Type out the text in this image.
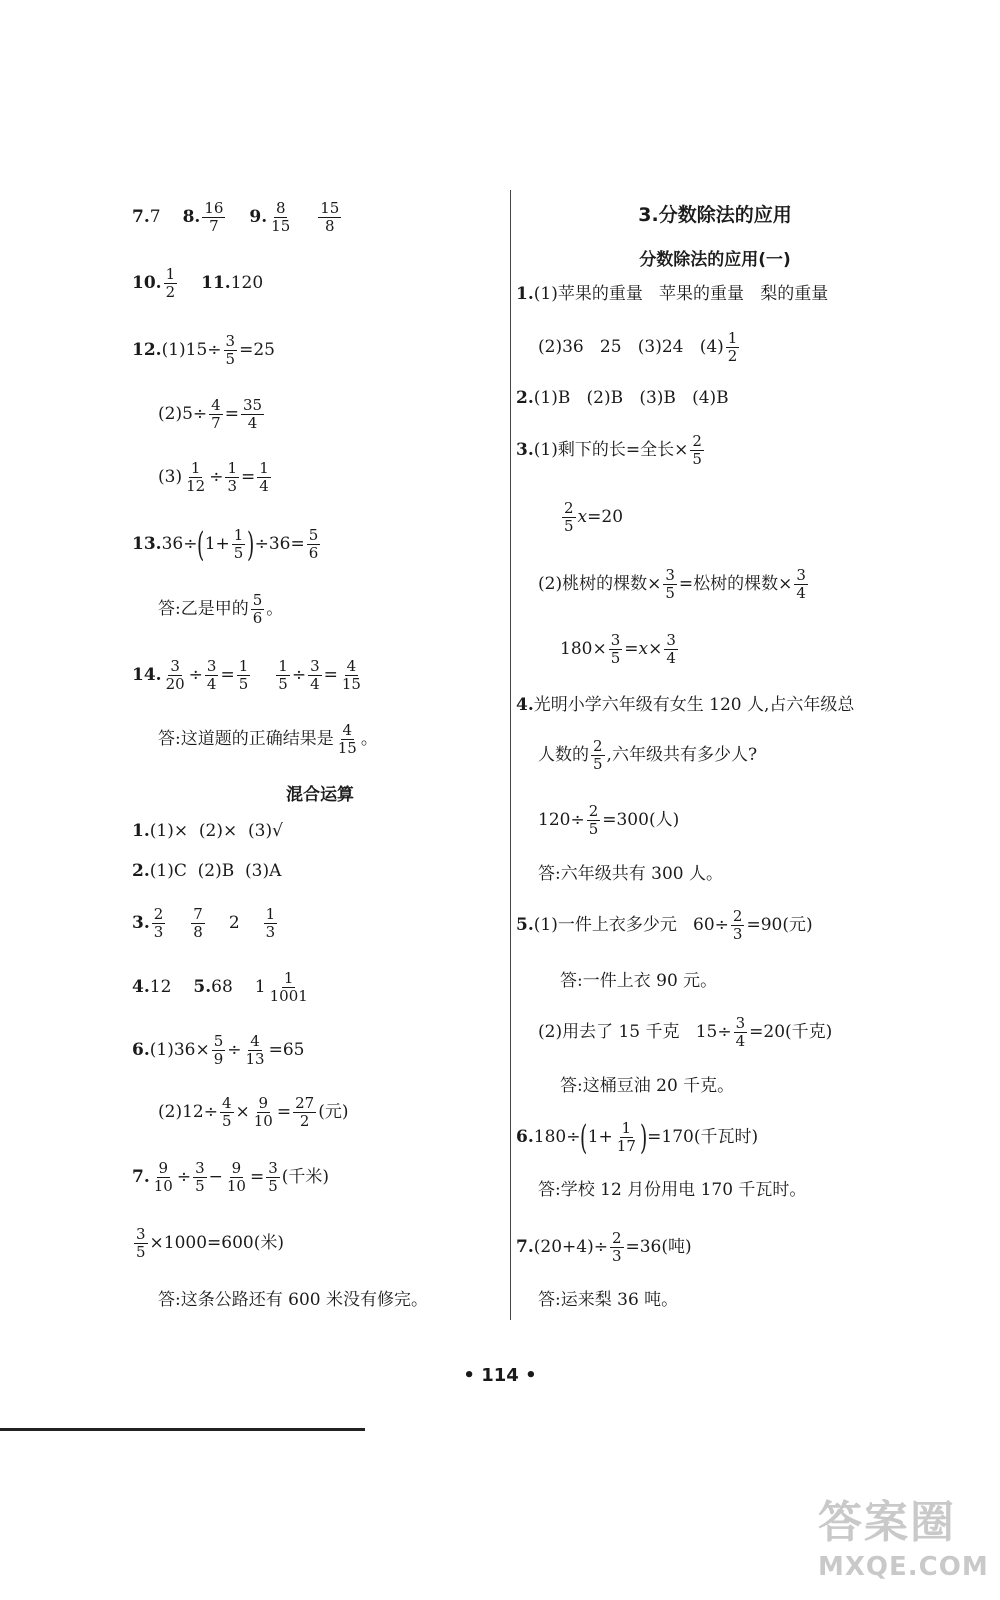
7. 7 8. 16
7 9. 8
15
15
8
10. 1
2 11. 120
12. $(1)15\div \frac{3}{5} =25$
$(2)5\div \frac{4}{7} = \frac{35}{4}$
$(3) \frac{1}{12} \div \frac{1}{3} = \frac{1}{4}$
13. 36÷ ( $1+ \frac{1}{5}$ ) $\div 36= \frac{5}{6}$
答:乙是甲的 5
6 。
14. $\frac{3}{20} \div \frac{3}{4} = \frac{1}{5} \frac{1}{5} \div \frac{3}{4} = \frac{4}{15}$
答:这道题的正确结果是 4
15 。
混合运算
1. (1)×  (2)×  (3)√
2. (1)C  (2)B  (3)A
3. 2
3
7
8 2 1
3
4. 12 5. 68 1 1
1001
6. $(1)36\times \frac{5}{9} \div \frac{4}{13} =65$
$(2)12\div \frac{4}{5} \times \frac{9}{10} = \frac{27}{2}$ (元)
7. $\frac{9}{10} \div \frac{3}{5} - \frac{9}{10} = \frac{3}{5}$ (千米)
$\frac{3}{5} \times 1000=600$(米)
答:这条公路还有 600 米没有修完。
3.分数除法的应用
分数除法的应用(一)
1. (1)苹果的重量   苹果的重量   梨的重量
(2)36   25   (3)24   (4) 1
2
2. (1)B   (2)B   (3)B   (4)B
3. (1)剩下的长=全长× $\frac{2}{5}$
2
5 x =20
(2)桃树的棵数× $\frac{3}{5}$ =松树的棵数× $\frac{3}{4}$
$180\times \frac{3}{5} = x \times \frac{3}{4}$
4. 光明小学六年级有女生 120 人,占六年级总
人数的 2
5 ,六年级共有多少人?
$120\div \frac{2}{5} =300$(人)
答:六年级共有 300 人。
5. (1)一件上衣多少元   $60\div \frac{2}{3} =90$(元)
答:一件上衣 90 元。
(2)用去了 15 千克   $15\div \frac{3}{4} =20$(千克)
答:这桶豆油 20 千克。
6. 180÷ ( $1+ \frac{1}{17}$ ) =170(千瓦时)
答:学校 12 月份用电 170 千瓦时。
7. $(20+4)\div \frac{2}{3} =36$(吨)
答:运来梨 36 吨。
• 114 •
答案圈
MXQE.COM
